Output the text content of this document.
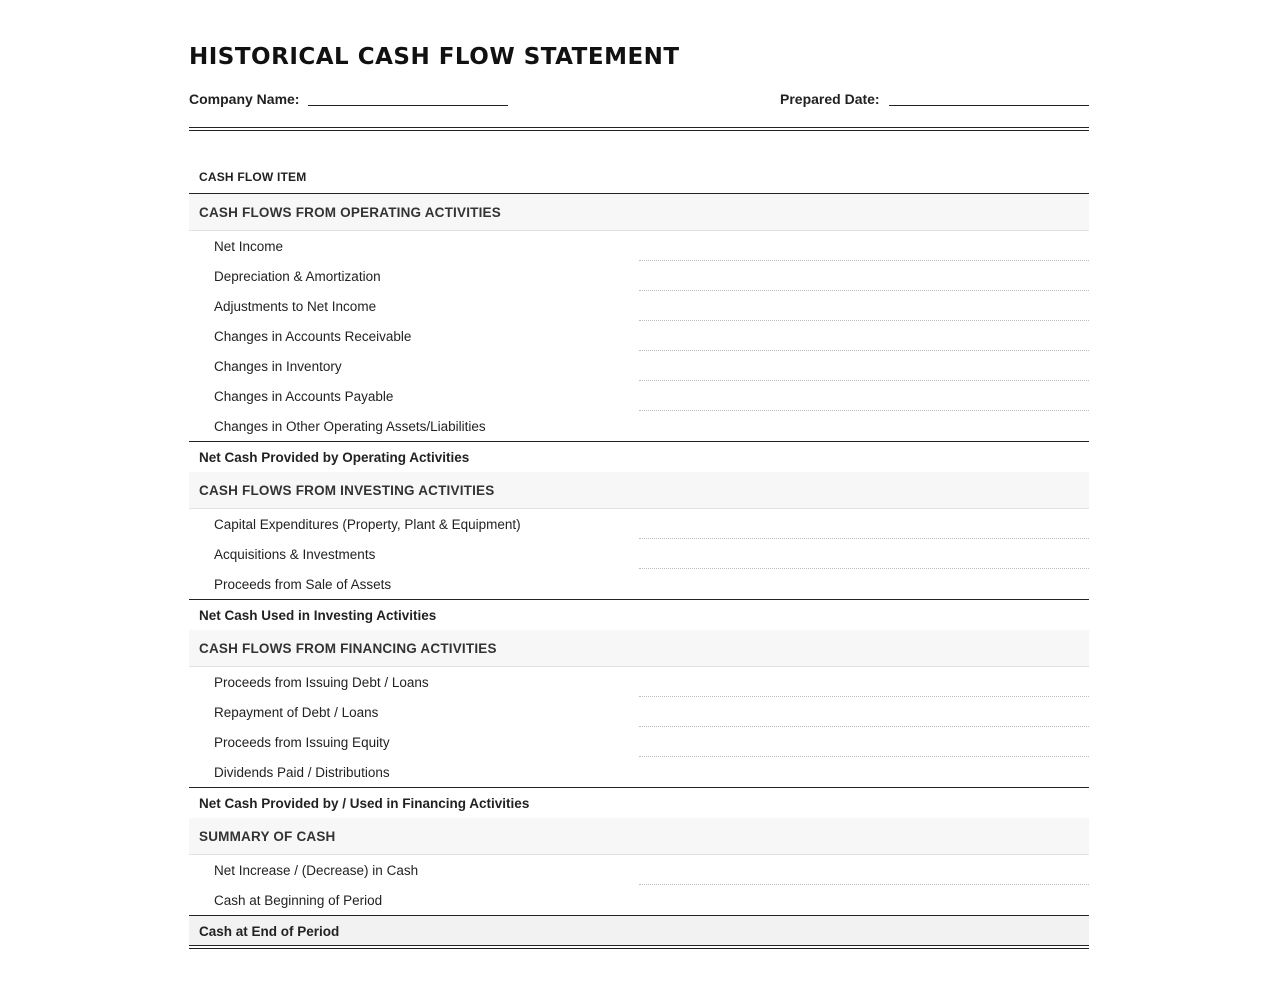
HISTORICAL CASH FLOW STATEMENT
Company Name:	Prepared Date:
CASH FLOW ITEM
CASH FLOWS FROM OPERATING ACTIVITIES
Net Income
Depreciation & Amortization
Adjustments to Net Income
Changes in Accounts Receivable
Changes in Inventory
Changes in Accounts Payable
Changes in Other Operating Assets/Liabilities
Net Cash Provided by Operating Activities
CASH FLOWS FROM INVESTING ACTIVITIES
Capital Expenditures (Property, Plant & Equipment)
Acquisitions & Investments
Proceeds from Sale of Assets
Net Cash Used in Investing Activities
CASH FLOWS FROM FINANCING ACTIVITIES
Proceeds from Issuing Debt / Loans
Repayment of Debt / Loans
Proceeds from Issuing Equity
Dividends Paid / Distributions
Net Cash Provided by / Used in Financing Activities
SUMMARY OF CASH
Net Increase / (Decrease) in Cash
Cash at Beginning of Period
Cash at End of Period
